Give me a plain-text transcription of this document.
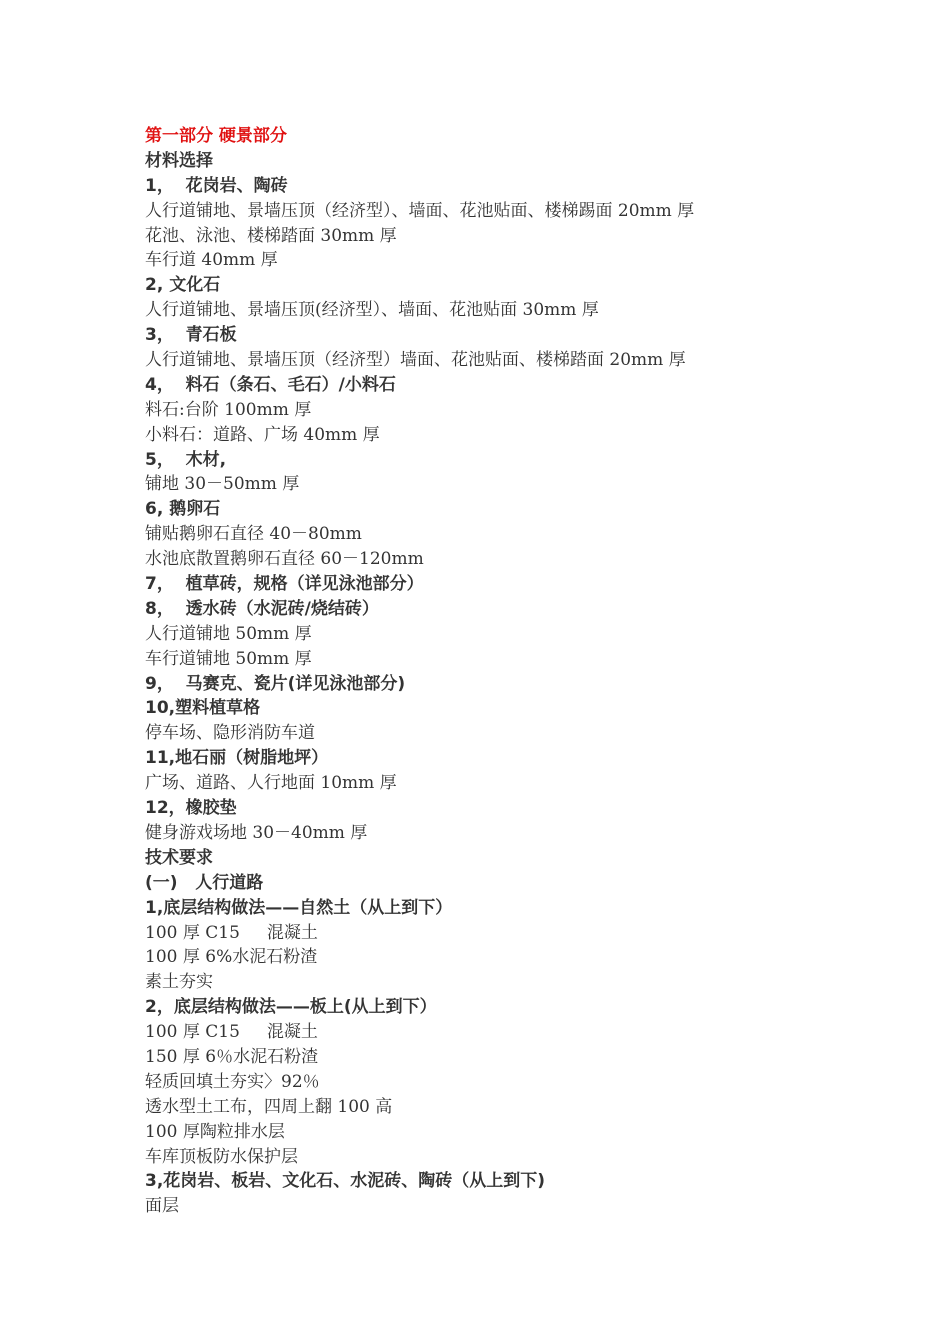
第一部分 硬景部分
材料选择
1，  花岗岩、陶砖
人行道铺地、景墙压顶（经济型）、墙面、花池贴面、楼梯踢面 20mm 厚
花池、泳池、楼梯踏面 30mm 厚
车行道 40mm 厚
2, 文化石
人行道铺地、景墙压顶(经济型）、墙面、花池贴面 30mm 厚
3，  青石板
人行道铺地、景墙压顶（经济型）墙面、花池贴面、楼梯踏面 20mm 厚
4，  料石（条石、毛石）/小料石
料石:台阶 100mm 厚
小料石：道路、广场 40mm 厚
5，  木材,
铺地 30－50mm 厚
6, 鹅卵石
铺贴鹅卵石直径 40－80mm
水池底散置鹅卵石直径 60－120mm
7，  植草砖，规格（详见泳池部分）
8，  透水砖（水泥砖/烧结砖）
人行道铺地 50mm 厚
车行道铺地 50mm 厚
9，  马赛克、瓷片(详见泳池部分)
10,塑料植草格
停车场、隐形消防车道
11,地石丽（树脂地坪）
广场、道路、人行地面 10mm 厚
12，橡胶垫
健身游戏场地 30－40mm 厚
技术要求
(一)   人行道路
1,底层结构做法——自然土（从上到下）
100 厚 C15     混凝土
100 厚 6%水泥石粉渣
素土夯实
2，底层结构做法——板上(从上到下）
100 厚 C15     混凝土
150 厚 6％水泥石粉渣
轻质回填土夯实〉92％
透水型土工布，四周上翻 100 高
100 厚陶粒排水层
车库顶板防水保护层
3,花岗岩、板岩、文化石、水泥砖、陶砖（从上到下)
面层
